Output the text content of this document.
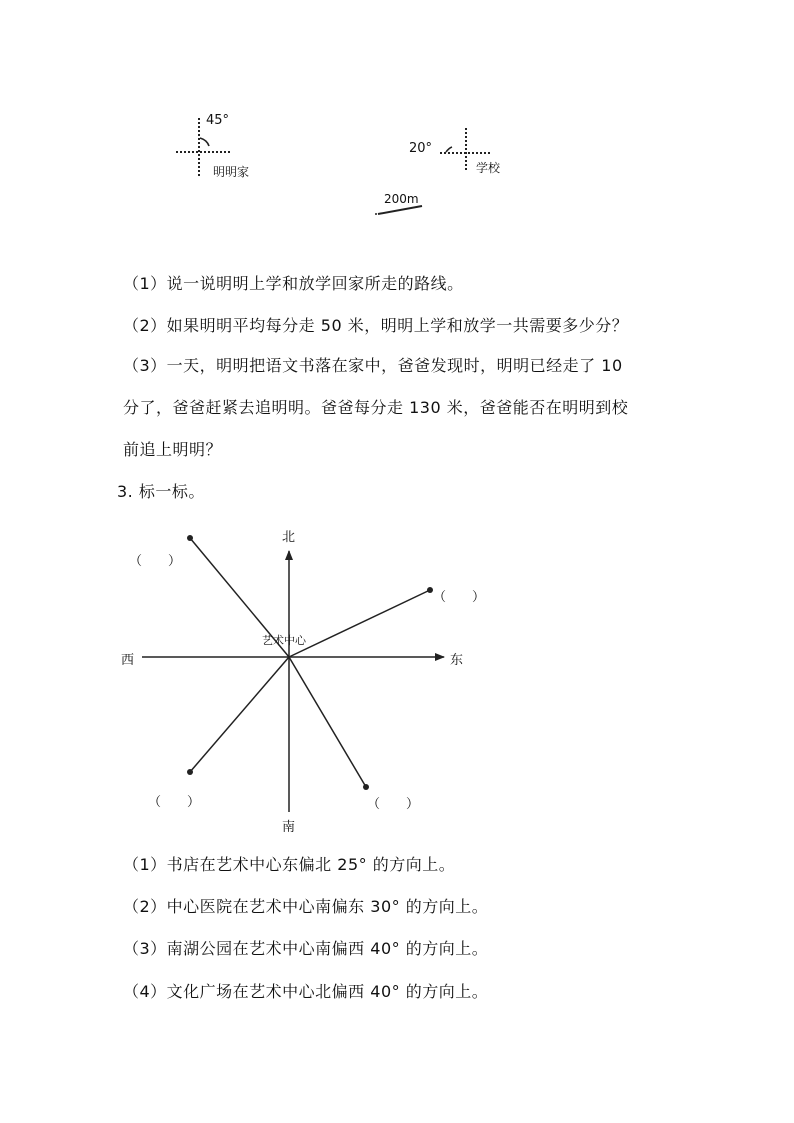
45°
明明家
20°
学校
200m
（1）说一说明明上学和放学回家所走的路线。
（2）如果明明平均每分走 50 米，明明上学和放学一共需要多少分？
（3）一天，明明把语文书落在家中，爸爸发现时，明明已经走了 10
分了，爸爸赶紧去追明明。爸爸每分走 130 米，爸爸能否在明明到校
前追上明明？
3. 标一标。
北
南
东
西
艺术中心
（　　）
（　　）
（　　）	（　　）
（1）书店在艺术中心东偏北 25° 的方向上。
（2）中心医院在艺术中心南偏东 30° 的方向上。
（3）南湖公园在艺术中心南偏西 40° 的方向上。
（4）文化广场在艺术中心北偏西 40° 的方向上。
